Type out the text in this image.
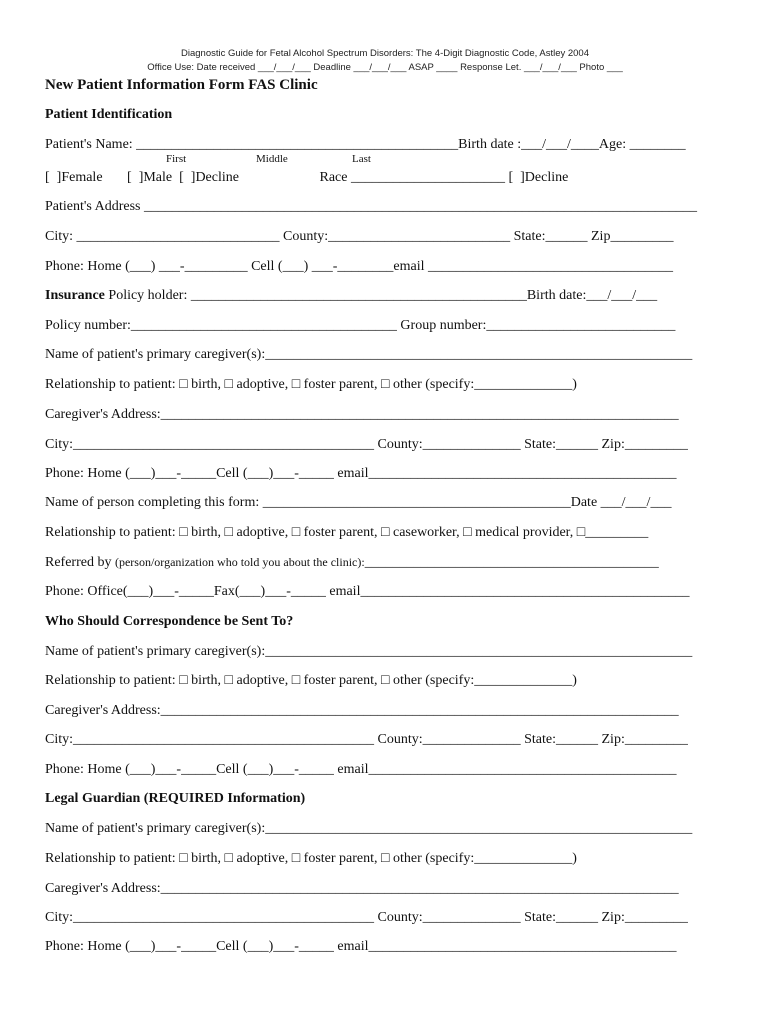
Diagnostic Guide for Fetal Alcohol Spectrum Disorders: The 4-Digit Diagnostic Code, Astley 2004
Office Use: Date received ___/___/___ Deadline ___/___/___ ASAP ____ Response Let. ___/___/___ Photo ___
New Patient Information Form FAS Clinic
Patient Identification
Patient's Name: ______________________________________________Birth date :___/___/____Age: ________
First	Middle	Last
[  ]Female       [  ]Male  [  ]Decline                       Race ______________________ [  ]Decline
Patient's Address _______________________________________________________________________________
City: _____________________________ County:__________________________ State:______ Zip_________
Phone: Home (___) ___-_________ Cell (___) ___-________email ___________________________________
Insurance Policy holder: ________________________________________________Birth date:___/___/___
Policy number:______________________________________ Group number:___________________________
Name of patient's primary caregiver(s):_____________________________________________________________
Relationship to patient: □ birth, □ adoptive, □ foster parent, □ other (specify:______________)
Caregiver's Address:__________________________________________________________________________
City:___________________________________________ County:______________ State:______ Zip:_________
Phone: Home (___)___-_____Cell (___)___-_____ email____________________________________________
Name of person completing this form: ____________________________________________Date ___/___/___
Relationship to patient: □ birth, □ adoptive, □ foster parent, □ caseworker, □ medical provider, □_________
Referred by (person/organization who told you about the clinic):__________________________________________
Phone: Office(___)___-_____Fax(___)___-_____ email_______________________________________________
Who Should Correspondence be Sent To?
Name of patient's primary caregiver(s):_____________________________________________________________
Relationship to patient: □ birth, □ adoptive, □ foster parent, □ other (specify:______________)
Caregiver's Address:__________________________________________________________________________
City:___________________________________________ County:______________ State:______ Zip:_________
Phone: Home (___)___-_____Cell (___)___-_____ email____________________________________________
Legal Guardian (REQUIRED Information)
Name of patient's primary caregiver(s):_____________________________________________________________
Relationship to patient: □ birth, □ adoptive, □ foster parent, □ other (specify:______________)
Caregiver's Address:__________________________________________________________________________
City:___________________________________________ County:______________ State:______ Zip:_________
Phone: Home (___)___-_____Cell (___)___-_____ email____________________________________________
